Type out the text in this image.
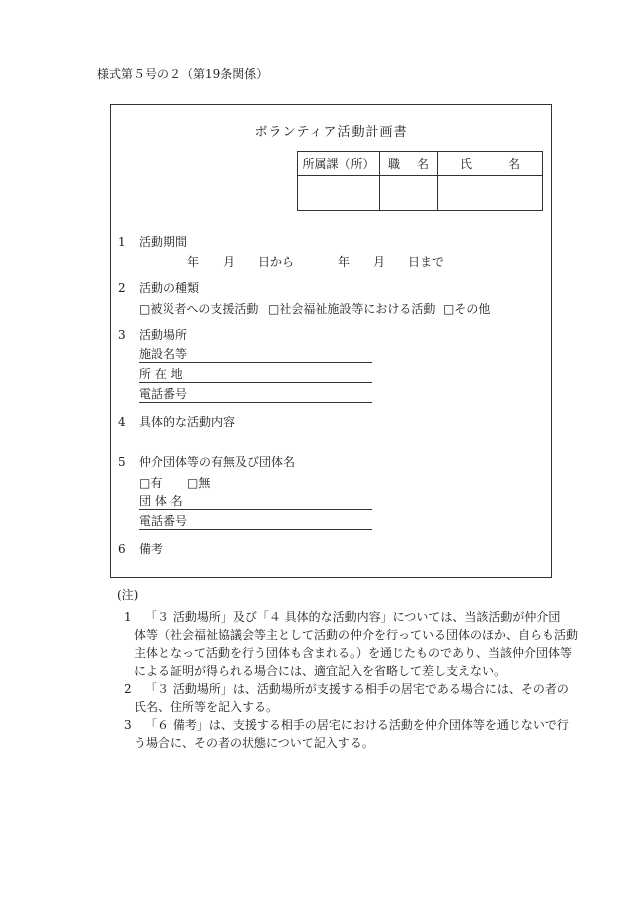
様式第５号の２（第19条関係）
ボランティア活動計画書
所属課（所）	職 名	氏 名

1 活動期間
年 月 日から	年 月 日まで
2 活動の種類
□被災者への支援活動 □社会福祉施設等における活動 □その他
3 活動場所
施設名等
所 在 地
電話番号
4 具体的な活動内容
5 仲介団体等の有無及び団体名
□有 □無
団 体 名
電話番号
6 備考
(注)
1 「３ 活動場所」及び「４ 具体的な活動内容」については、当該活動が仲介団
体等（社会福祉協議会等主として活動の仲介を行っている団体のほか、自らも活動
主体となって活動を行う団体も含まれる。）を通じたものであり、当該仲介団体等
による証明が得られる場合には、適宜記入を省略して差し支えない。
2 「３ 活動場所」は、活動場所が支援する相手の居宅である場合には、その者の
氏名、住所等を記入する。
3 「６ 備考」は、支援する相手の居宅における活動を仲介団体等を通じないで行
う場合に、その者の状態について記入する。
